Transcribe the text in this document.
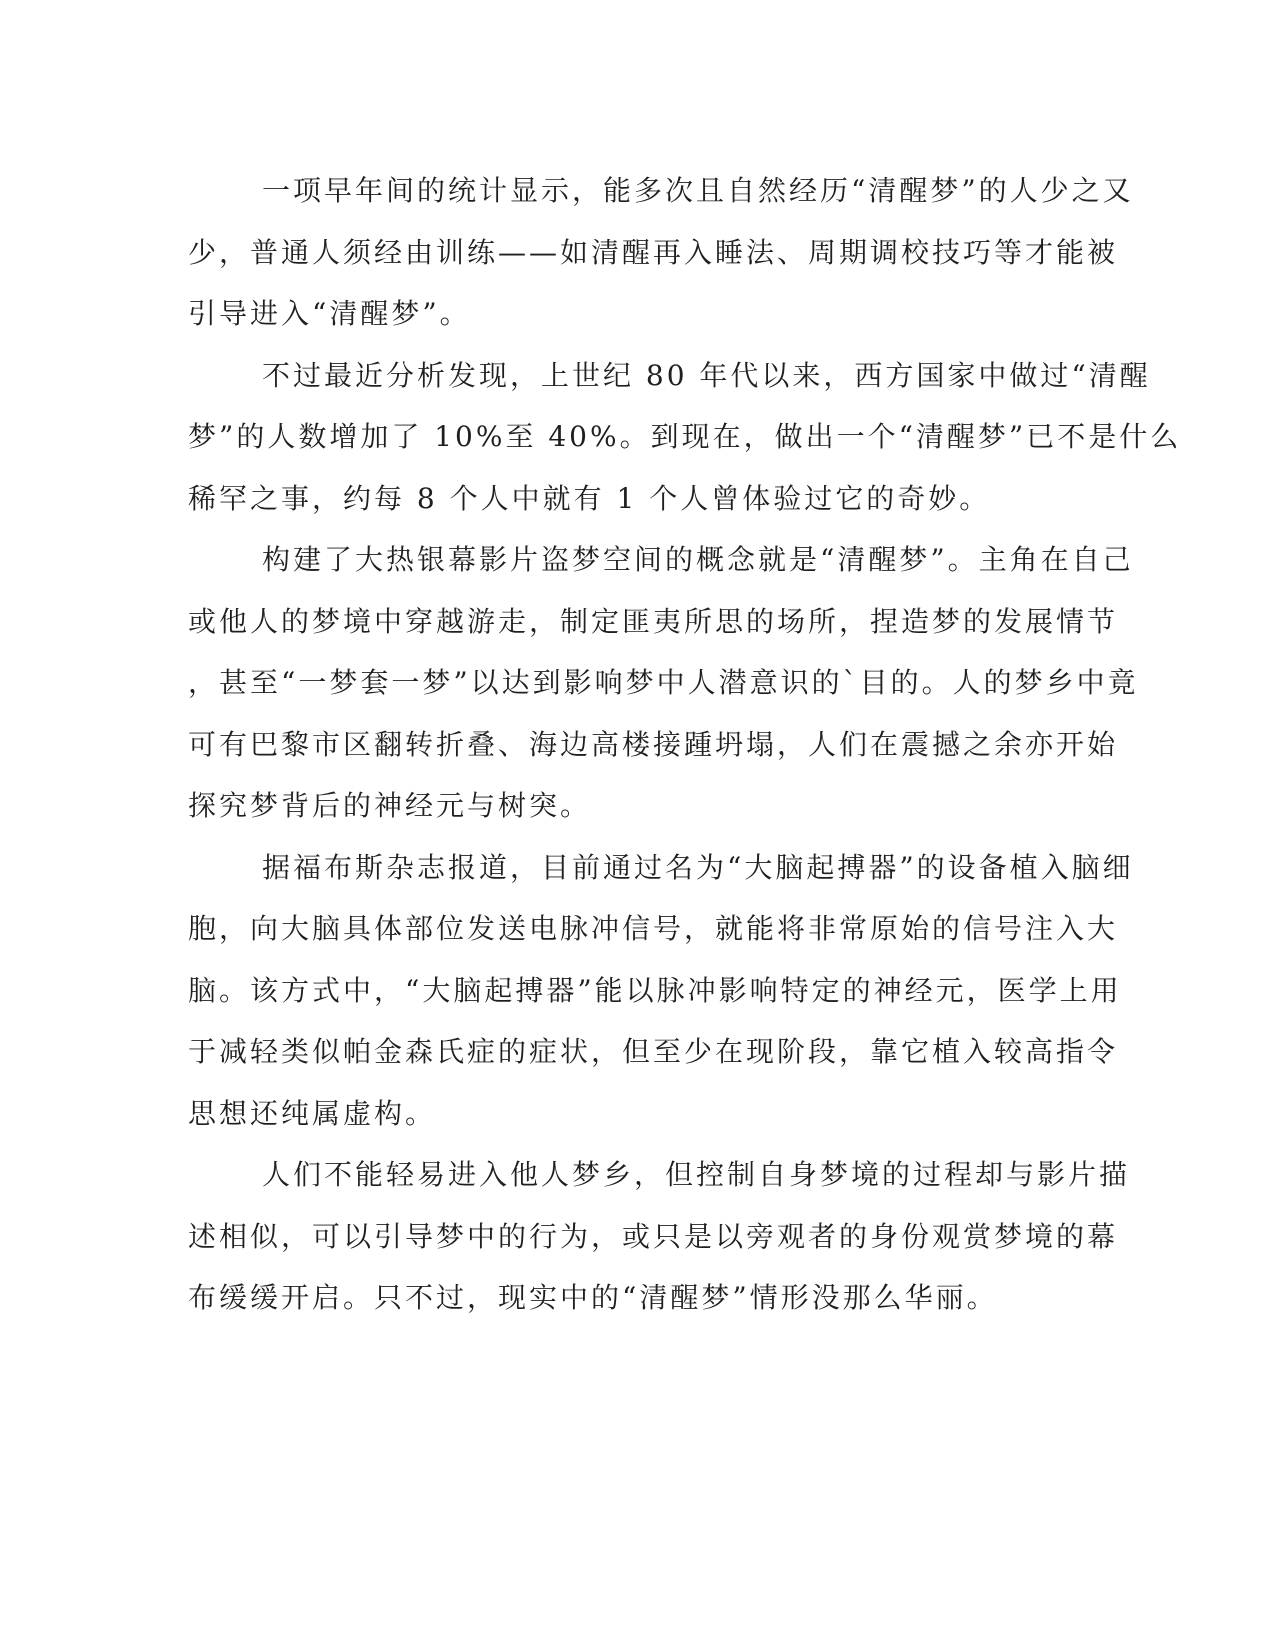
一项早年间的统计显示，能多次且自然经历“清醒梦”的人少之又
少，普通人须经由训练——如清醒再入睡法、周期调校技巧等才能被
引导进入“清醒梦”。
不过最近分析发现，上世纪 80 年代以来，西方国家中做过“清醒
梦”的人数增加了 10%至 40%。到现在，做出一个“清醒梦”已不是什么
稀罕之事，约每 8 个人中就有 1 个人曾体验过它的奇妙。
构建了大热银幕影片盗梦空间的概念就是“清醒梦”。主角在自己
或他人的梦境中穿越游走，制定匪夷所思的场所，捏造梦的发展情节
，甚至“一梦套一梦”以达到影响梦中人潜意识的`目的。人的梦乡中竟
可有巴黎市区翻转折叠、海边高楼接踵坍塌，人们在震撼之余亦开始
探究梦背后的神经元与树突。
据福布斯杂志报道，目前通过名为“大脑起搏器”的设备植入脑细
胞，向大脑具体部位发送电脉冲信号，就能将非常原始的信号注入大
脑。该方式中，“大脑起搏器”能以脉冲影响特定的神经元，医学上用
于减轻类似帕金森氏症的症状，但至少在现阶段，靠它植入较高指令
思想还纯属虚构。
人们不能轻易进入他人梦乡，但控制自身梦境的过程却与影片描
述相似，可以引导梦中的行为，或只是以旁观者的身份观赏梦境的幕
布缓缓开启。只不过，现实中的“清醒梦”情形没那么华丽。
